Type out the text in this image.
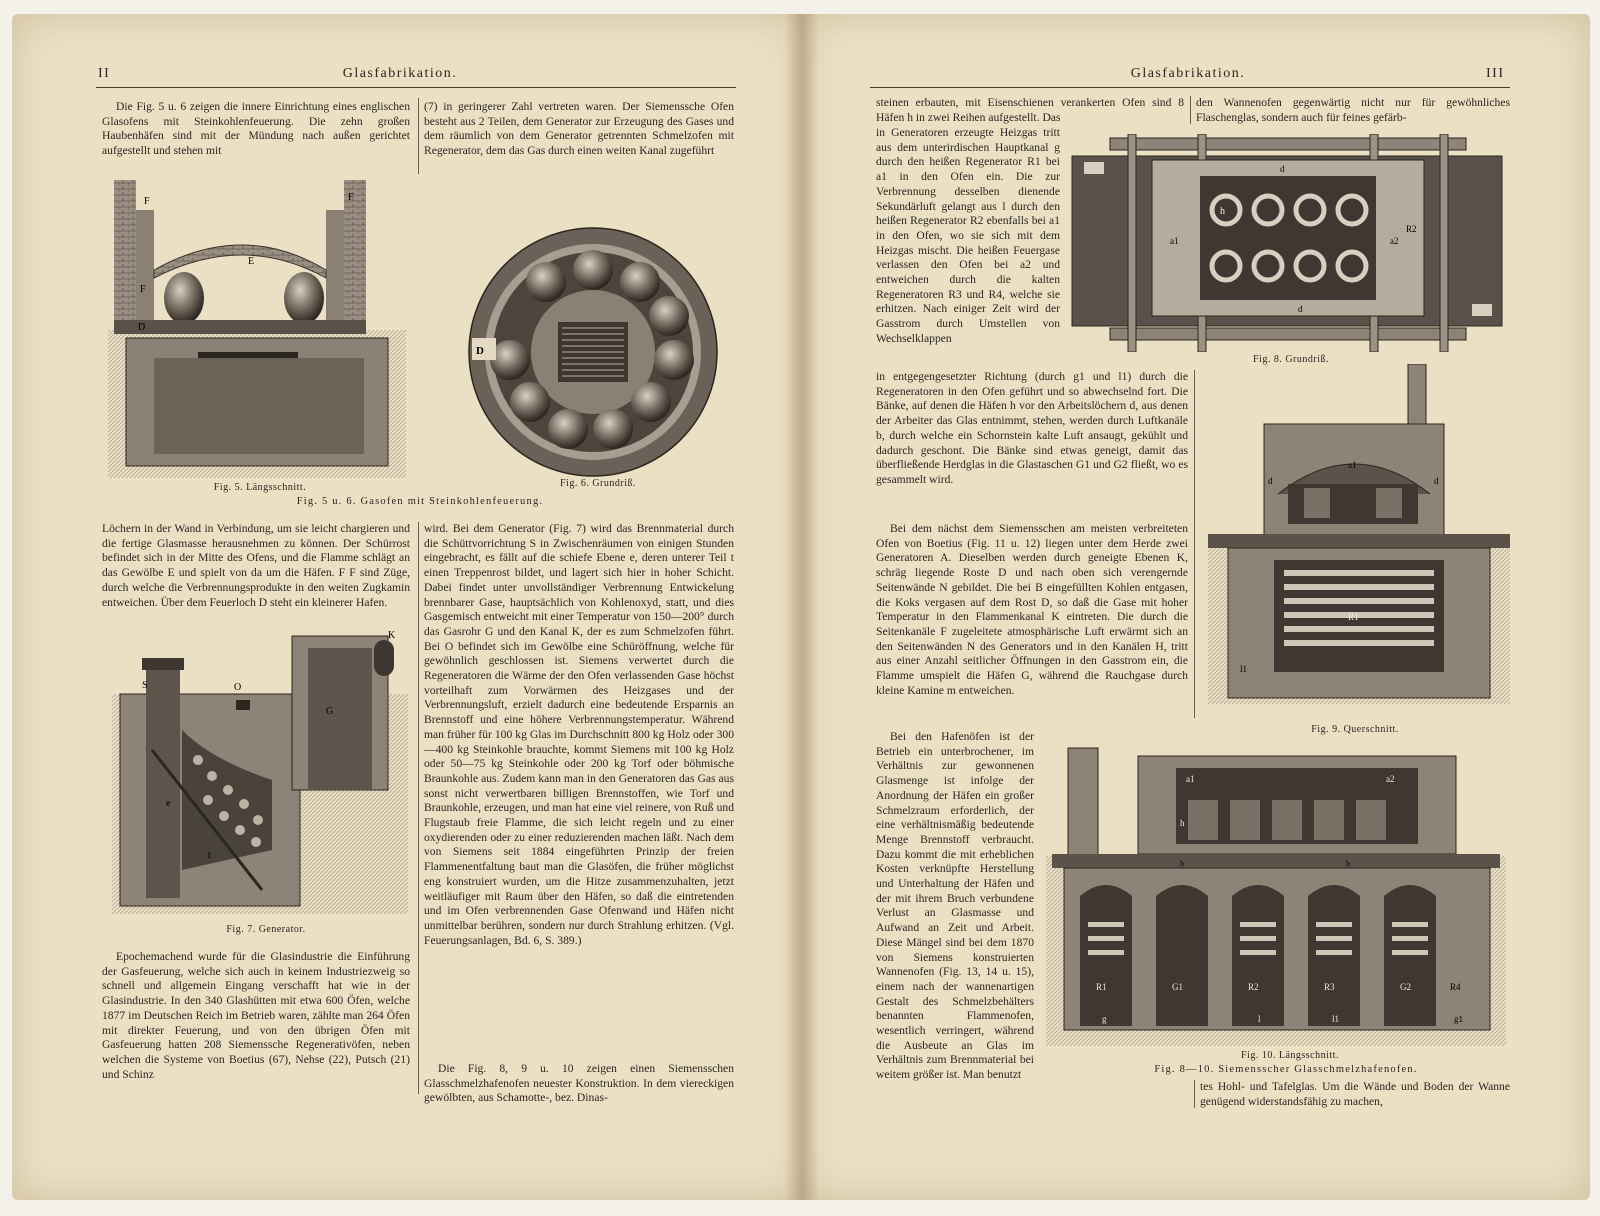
II	Glasfabrikation.

Die Fig. 5 u. 6 zeigen die innere Einrichtung eines englischen Glasofens mit Steinkohlenfeuerung. Die zehn großen Haubenhäfen sind mit der Mündung nach außen gerichtet aufgestellt und stehen mit

(7) in geringerer Zahl vertreten waren. Der Siemenssche Ofen besteht aus 2 Teilen, dem Generator zur Erzeugung des Gases und dem räumlich von dem Generator getrennten Schmelzofen mit Regenerator, dem das Gas durch einen weiten Kanal zugeführt

F	F
E
F
D
D
Fig. 5. Längsschnitt.	Fig. 6. Grundriß.
Fig. 5 u. 6. Gasofen mit Steinkohlenfeuerung.

Löchern in der Wand in Verbindung, um sie leicht chargieren und die fertige Glasmasse herausnehmen zu können. Der Schürrost befindet sich in der Mitte des Ofens, und die Flamme schlägt an das Gewölbe E und spielt von da um die Häfen. F F sind Züge, durch welche die Verbrennungsprodukte in den weiten Zugkamin entweichen. Über dem Feuerloch D steht ein kleinerer Hafen.

S	O
K
G
e
t
Fig. 7. Generator.

Epochemachend wurde für die Glasindustrie die Einführung der Gasfeuerung, welche sich auch in keinem Industriezweig so schnell und allgemein Eingang verschafft hat wie in der Glasindustrie. In den 340 Glashütten mit etwa 600 Öfen, welche 1877 im Deutschen Reich im Betrieb waren, zählte man 264 Öfen mit direkter Feuerung, und von den übrigen Öfen mit Gasfeuerung hatten 208 Siemenssche Regenerativöfen, neben welchen die Systeme von Boetius (67), Nehse (22), Putsch (21) und Schinz

wird. Bei dem Generator (Fig. 7) wird das Brennmaterial durch die Schüttvorrichtung S in Zwischenräumen von einigen Stunden eingebracht, es fällt auf die schiefe Ebene e, deren unterer Teil t einen Treppenrost bildet, und lagert sich hier in hoher Schicht. Dabei findet unter unvollständiger Verbrennung Entwickelung brennbarer Gase, hauptsächlich von Kohlenoxyd, statt, und dies Gasgemisch entweicht mit einer Temperatur von 150—200° durch das Gasrohr G und den Kanal K, der es zum Schmelzofen führt. Bei O befindet sich im Gewölbe eine Schüröffnung, welche für gewöhnlich geschlossen ist. Siemens verwertet durch die Regeneratoren die Wärme der den Ofen verlassenden Gase höchst vorteilhaft zum Vorwärmen des Heizgases und der Verbrennungsluft, erzielt dadurch eine bedeutende Ersparnis an Brennstoff und eine höhere Verbrennungstemperatur. Während man früher für 100 kg Glas im Durchschnitt 800 kg Holz oder 300—400 kg Steinkohle brauchte, kommt Siemens mit 100 kg Holz oder 50—75 kg Steinkohle oder 200 kg Torf oder böhmische Braunkohle aus. Zudem kann man in den Generatoren das Gas aus sonst nicht verwertbaren billigen Brennstoffen, wie Torf und Braunkohle, erzeugen, und man hat eine viel reinere, von Ruß und Flugstaub freie Flamme, die sich leicht regeln und zu einer oxydierenden oder zu einer reduzierenden machen läßt. Nach dem von Siemens seit 1884 eingeführten Prinzip der freien Flammenentfaltung baut man die Glasöfen, die früher möglichst eng konstruiert wurden, um die Hitze zusammenzuhalten, jetzt weitläufiger mit Raum über den Häfen, so daß die eintretenden und im Ofen verbrennenden Gase Ofenwand und Häfen nicht unmittelbar berühren, sondern nur durch Strahlung erhitzen. (Vgl. Feuerungsanlagen, Bd. 6, S. 389.)

Die Fig. 8, 9 u. 10 zeigen einen Siemensschen Glasschmelzhafenofen neuester Konstruktion. In dem viereckigen gewölbten, aus Schamotte-, bez. Dinas-

Glasfabrikation.	III

steinen erbauten, mit Eisenschienen verankerten Ofen sind 8 Häfen h in zwei Reihen aufgestellt. Das

den Wannenofen gegenwärtig nicht nur für gewöhnliches Flaschenglas, sondern auch für feines gefärb-

in Generatoren erzeugte Heizgas tritt aus dem unterirdischen Hauptkanal g durch den heißen Regenerator R1 bei a1 in den Ofen ein. Die zur Verbrennung desselben dienende Sekundärluft gelangt aus l durch den heißen Regenerator R2 ebenfalls bei a1 in den Ofen, wo sie sich mit dem Heizgas mischt. Die heißen Feuergase verlassen den Ofen bei a2 und entweichen durch die kalten Regeneratoren R3 und R4, welche sie erhitzen. Nach einiger Zeit wird der Gasstrom durch Umstellen von Wechselklappen

h
d
d
a1	a2
R2
Fig. 8. Grundriß.

in entgegengesetzter Richtung (durch g1 und l1) durch die Regeneratoren in den Ofen geführt und so abwechselnd fort. Die Bänke, auf denen die Häfen h vor den Arbeitslöchern d, aus denen der Arbeiter das Glas entnimmt, stehen, werden durch Luftkanäle b, durch welche ein Schornstein kalte Luft ansaugt, gekühlt und dadurch geschont. Die Bänke sind etwas geneigt, damit das überfließende Herdglas in die Glastaschen G1 und G2 fließt, wo es gesammelt wird.

Bei dem nächst dem Siemensschen am meisten verbreiteten Ofen von Boetius (Fig. 11 u. 12) liegen unter dem Herde zwei Generatoren A. Dieselben werden durch geneigte Ebenen K, schräg liegende Roste D und nach oben sich verengernde Seitenwände N gebildet. Die bei B eingefüllten Kohlen entgasen, die Koks vergasen auf dem Rost D, so daß die Gase mit hoher Temperatur in den Flammenkanal K eintreten. Die durch die Seitenkanäle F zugeleitete atmosphärische Luft erwärmt sich an den Seitenwänden N des Generators und in den Kanälen H, tritt aus einer Anzahl seitlicher Öffnungen in den Gasstrom ein, die Flamme umspielt die Häfen G, während die Rauchgase durch kleine Kamine m entweichen.

a1
d	d
R1
l1
Fig. 9. Querschnitt.

Bei den Hafenöfen ist der Betrieb ein unterbrochener, im Verhältnis zur gewonnenen Glasmenge ist infolge der Anordnung der Häfen ein großer Schmelzraum erforderlich, der eine verhältnismäßig bedeutende Menge Brennstoff verbraucht. Dazu kommt die mit erheblichen Kosten verknüpfte Herstellung und Unterhaltung der Häfen und der mit ihrem Bruch verbundene Verlust an Glasmasse und Aufwand an Zeit und Arbeit. Diese Mängel sind bei dem 1870 von Siemens konstruierten Wannenofen (Fig. 13, 14 u. 15), einem nach der wannenartigen Gestalt des Schmelzbehälters benannten Flammenofen, wesentlich verringert, während die Ausbeute an Glas im Verhältnis zum Brennmaterial bei weitem größer ist. Man benutzt

a1	a2
h
b	b
R1	G1	R2	R3	G2	R4
g	l	l1	g1
Fig. 10. Längsschnitt.
Fig. 8—10. Siemensscher Glasschmelzhafenofen.

tes Hohl- und Tafelglas. Um die Wände und Boden der Wanne genügend widerstandsfähig zu machen,
